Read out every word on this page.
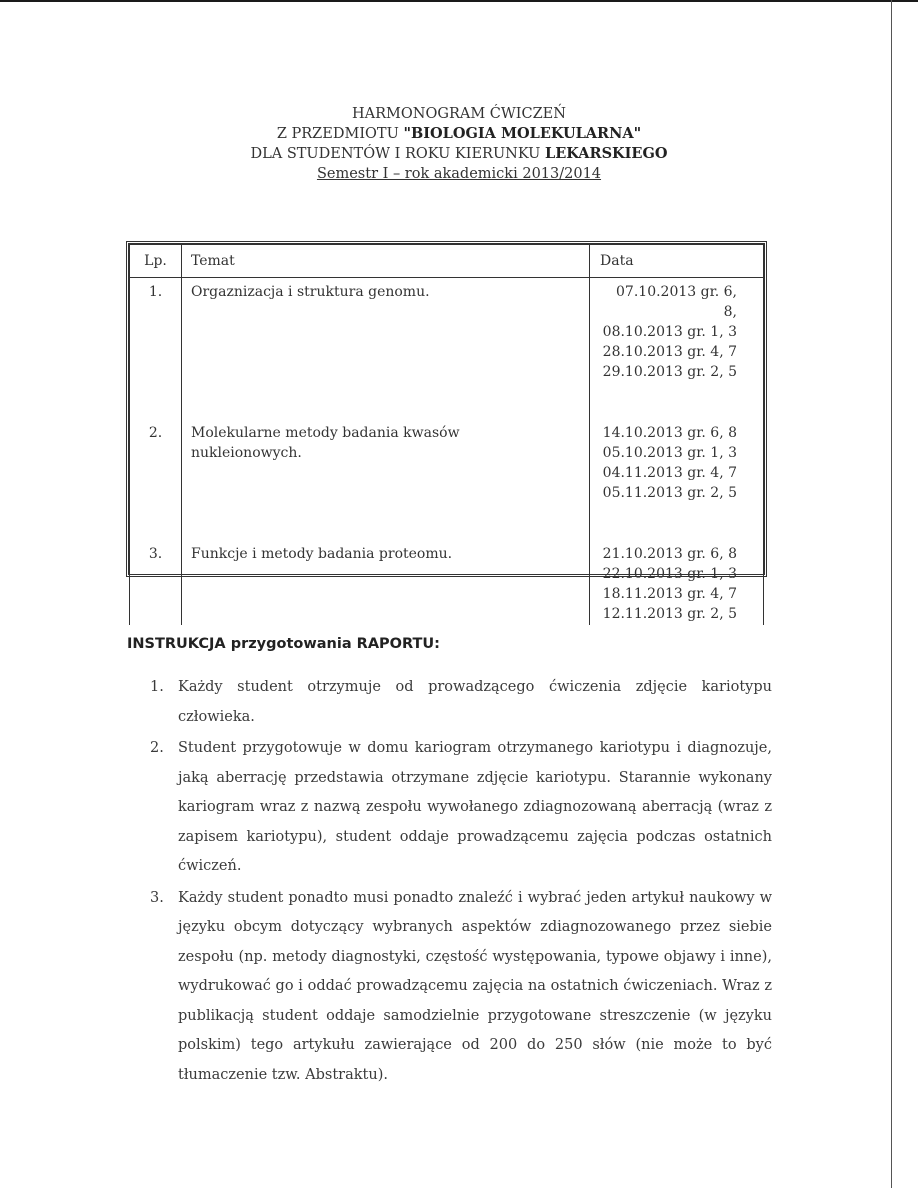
HARMONOGRAM ĆWICZEŃ
Z PRZEDMIOTU "BIOLOGIA MOLEKULARNA"
DLA STUDENTÓW I ROKU KIERUNKU LEKARSKIEGO
Semestr I – rok akademicki 2013/2014
Lp.	Temat	Data

1.	Orgaznizacja i struktura genomu.	07.10.2013 gr. 6, 8,
08.10.2013 gr. 1, 3
28.10.2013 gr. 4, 7
29.10.2013 gr. 2, 5

2.	Molekularne metody badania kwasów nukleionowych.	14.10.2013 gr. 6, 8
05.10.2013 gr. 1, 3
04.11.2013 gr. 4, 7
05.11.2013 gr. 2, 5

3.	Funkcje i metody badania proteomu.	21.10.2013 gr. 6, 8
22.10.2013 gr. 1, 3
18.11.2013 gr. 4, 7
12.11.2013 gr. 2, 5
INSTRUKCJA przygotowania RAPORTU:
1. Każdy student otrzymuje od prowadzącego ćwiczenia zdjęcie kariotypu człowieka.
2. Student przygotowuje w domu kariogram otrzymanego kariotypu i diagnozuje, jaką aberrację przedstawia otrzymane zdjęcie kariotypu. Starannie wykonany kariogram wraz z nazwą zespołu wywołanego zdiagnozowaną aberracją (wraz z zapisem kariotypu), student oddaje prowadzącemu zajęcia podczas ostatnich ćwiczeń.
3. Każdy student ponadto musi ponadto znaleźć i wybrać jeden artykuł naukowy w języku obcym dotyczący wybranych aspektów zdiagnozowanego przez siebie zespołu (np. metody diagnostyki, częstość występowania, typowe objawy i inne), wydrukować go i oddać prowadzącemu zajęcia na ostatnich ćwiczeniach. Wraz z publikacją student oddaje samodzielnie przygotowane streszczenie (w języku polskim) tego artykułu zawierające od 200 do 250 słów (nie może to być tłumaczenie tzw. Abstraktu).
